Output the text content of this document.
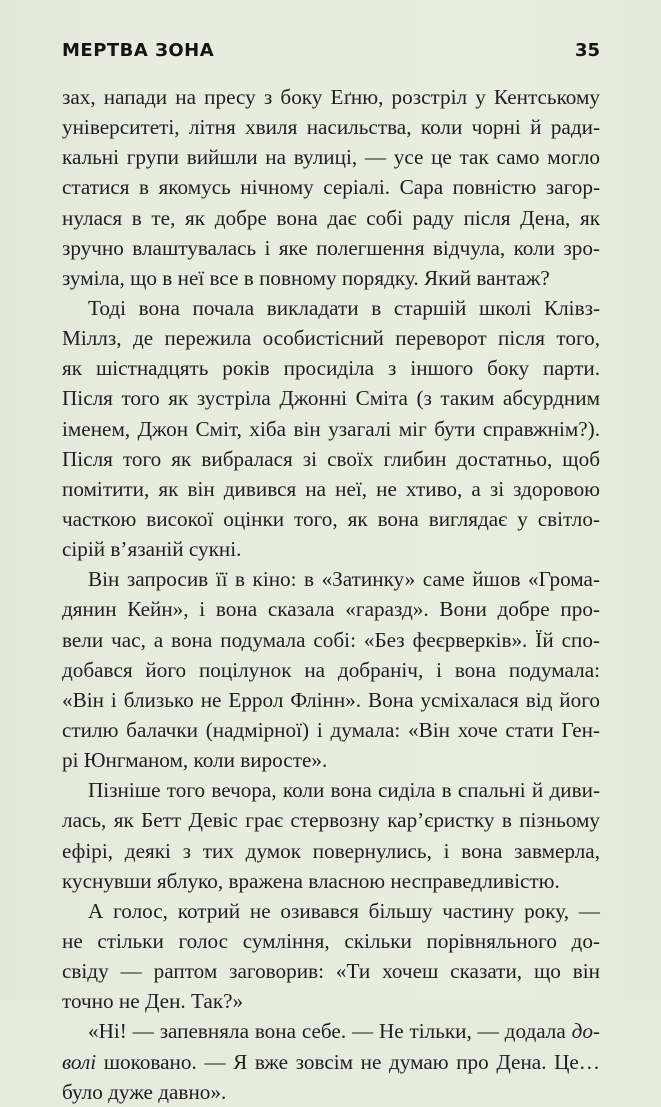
МЕРТВА ЗОНА	35
зах, напади на пресу з боку Еґню, розстріл у Кентському
університеті, літня хвиля насильства, коли чорні й ради-
кальні групи вийшли на вулиці, — усе це так само могло
статися в якомусь нічному серіалі. Сара повністю загор-
нулася в те, як добре вона дає собі раду після Дена, як
зручно влаштувалась і яке полегшення відчула, коли зро-
зуміла, що в неї все в повному порядку. Який вантаж?
Тоді вона почала викладати в старшій школі Клівз-
Міллз, де пережила особистісний переворот після того,
як шістнадцять років просиділа з іншого боку парти.
Після того як зустріла Джонні Сміта (з таким абсурдним
іменем, Джон Сміт, хіба він узагалі міг бути справжнім?).
Після того як вибралася зі своїх глибин достатньо, щоб
помітити, як він дивився на неї, не хтиво, а зі здоровою
часткою високої оцінки того, як вона виглядає у світло-
сірій в’язаній сукні.
Він запросив її в кіно: в «Затинку» саме йшов «Грома-
дянин Кейн», і вона сказала «гаразд». Вони добре про-
вели час, а вона подумала собі: «Без феєрверків». Їй спо-
добався його поцілунок на добраніч, і вона подумала:
«Він і близько не Еррол Флінн». Вона усміхалася від його
стилю балачки (надмірної) і думала: «Він хоче стати Ген-
рі Юнгманом, коли виросте».
Пізніше того вечора, коли вона сиділа в спальні й диви-
лась, як Бетт Девіс грає стервозну кар’єристку в пізньому
ефірі, деякі з тих думок повернулись, і вона завмерла,
куснувши яблуко, вражена власною несправедливістю.
А голос, котрий не озивався більшу частину року, —
не стільки голос сумління, скільки порівняльного до-
свіду — раптом заговорив: «Ти хочеш сказати, що він
точно не Ден. Так?»
«Ні! — запевняла вона себе. — Не тільки, — додала до-
волі шоковано. — Я вже зовсім не думаю про Дена. Це…
було дуже давно».
